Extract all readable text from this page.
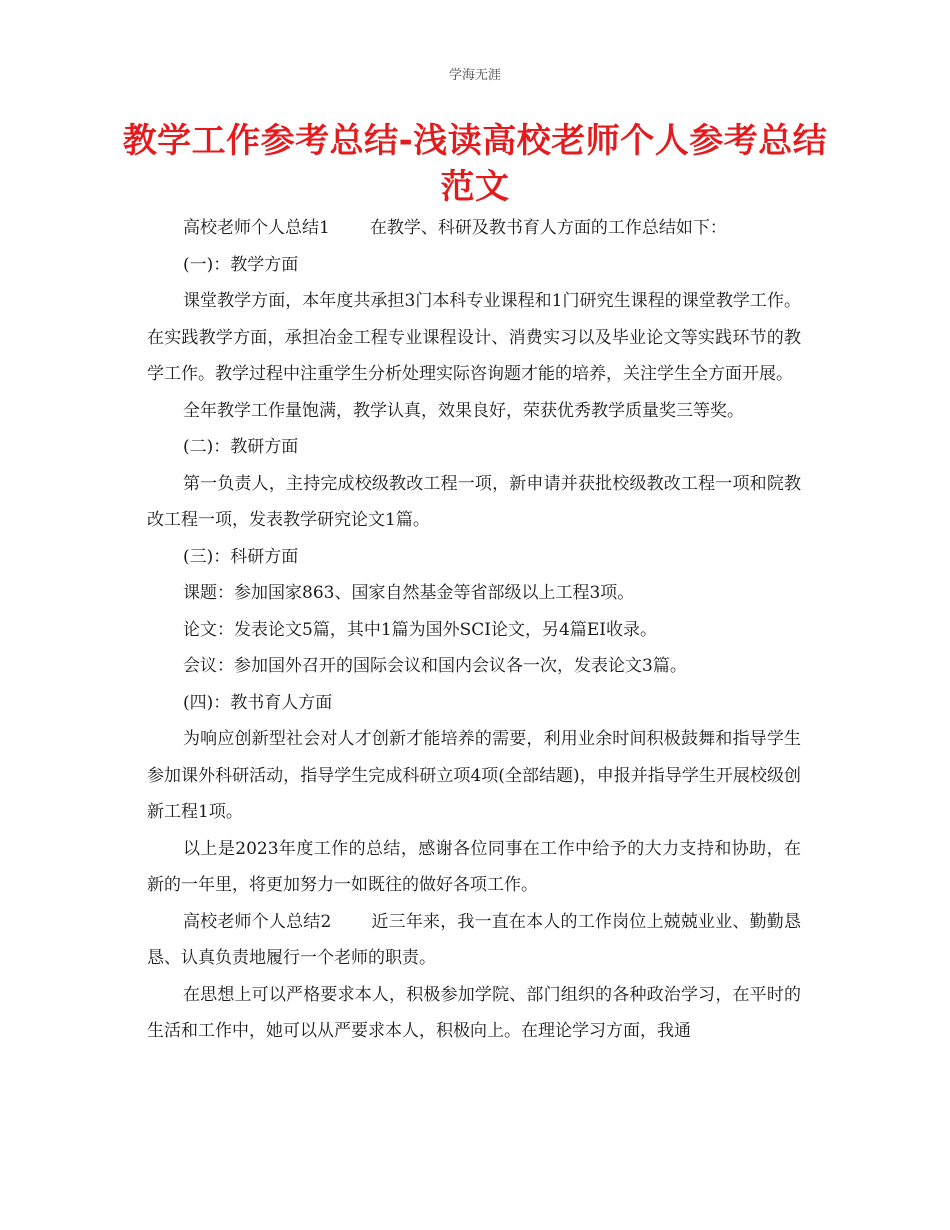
学海无涯
教学工作参考总结-浅读高校老师个人参考总结范文

高校老师个人总结1 在教学、科研及教书育人方面的工作总结如下：

(一)：教学方面

课堂教学方面，本年度共承担3门本科专业课程和1门研究生课程的课堂教学工作。在实践教学方面，承担冶金工程专业课程设计、消费实习以及毕业论文等实践环节的教学工作。教学过程中注重学生分析处理实际咨询题才能的培养，关注学生全方面开展。

全年教学工作量饱满，教学认真，效果良好，荣获优秀教学质量奖三等奖。

(二)：教研方面

第一负责人，主持完成校级教改工程一项，新申请并获批校级教改工程一项和院教改工程一项，发表教学研究论文1篇。

(三)：科研方面

课题：参加国家863、国家自然基金等省部级以上工程3项。

论文：发表论文5篇，其中1篇为国外SCI论文，另4篇EI收录。

会议：参加国外召开的国际会议和国内会议各一次，发表论文3篇。

(四)：教书育人方面

为响应创新型社会对人才创新才能培养的需要，利用业余时间积极鼓舞和指导学生参加课外科研活动，指导学生完成科研立项4项(全部结题)，申报并指导学生开展校级创新工程1项。

以上是2023年度工作的总结，感谢各位同事在工作中给予的大力支持和协助，在新的一年里，将更加努力一如既往的做好各项工作。

高校老师个人总结2 近三年来，我一直在本人的工作岗位上兢兢业业、勤勤恳恳、认真负责地履行一个老师的职责。

在思想上可以严格要求本人，积极参加学院、部门组织的各种政治学习，在平时的生活和工作中，她可以从严要求本人，积极向上。在理论学习方面，我通
